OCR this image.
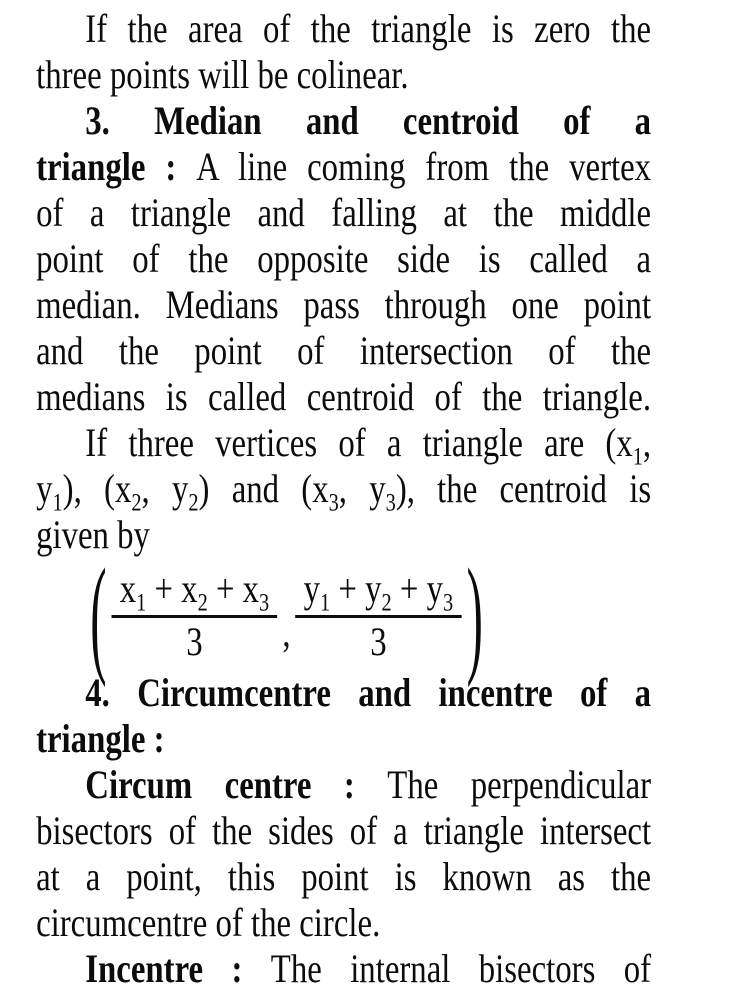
If the area of the triangle is zero the
three points will be colinear.
3. Median and centroid of a
triangle : A line coming from the vertex
of a triangle and falling at the middle
point of the opposite side is called a
median. Medians pass through one point
and the point of intersection of the
medians is called centroid of the triangle.
If three vertices of a triangle are ($x_1$,
$y_1$), ($x_2$, $y_2$) and ($x_3$, $y_3$), the centroid is
given by
( $\frac{x_1 + x_2 + x_3}{3}$ , $\frac{y_1 + y_2 + y_3}{3}$ )
4. Circumcentre and incentre of a
triangle :
Circum centre : The perpendicular
bisectors of the sides of a triangle intersect
at a point, this point is known as the
circumcentre of the circle.
Incentre : The internal bisectors of
